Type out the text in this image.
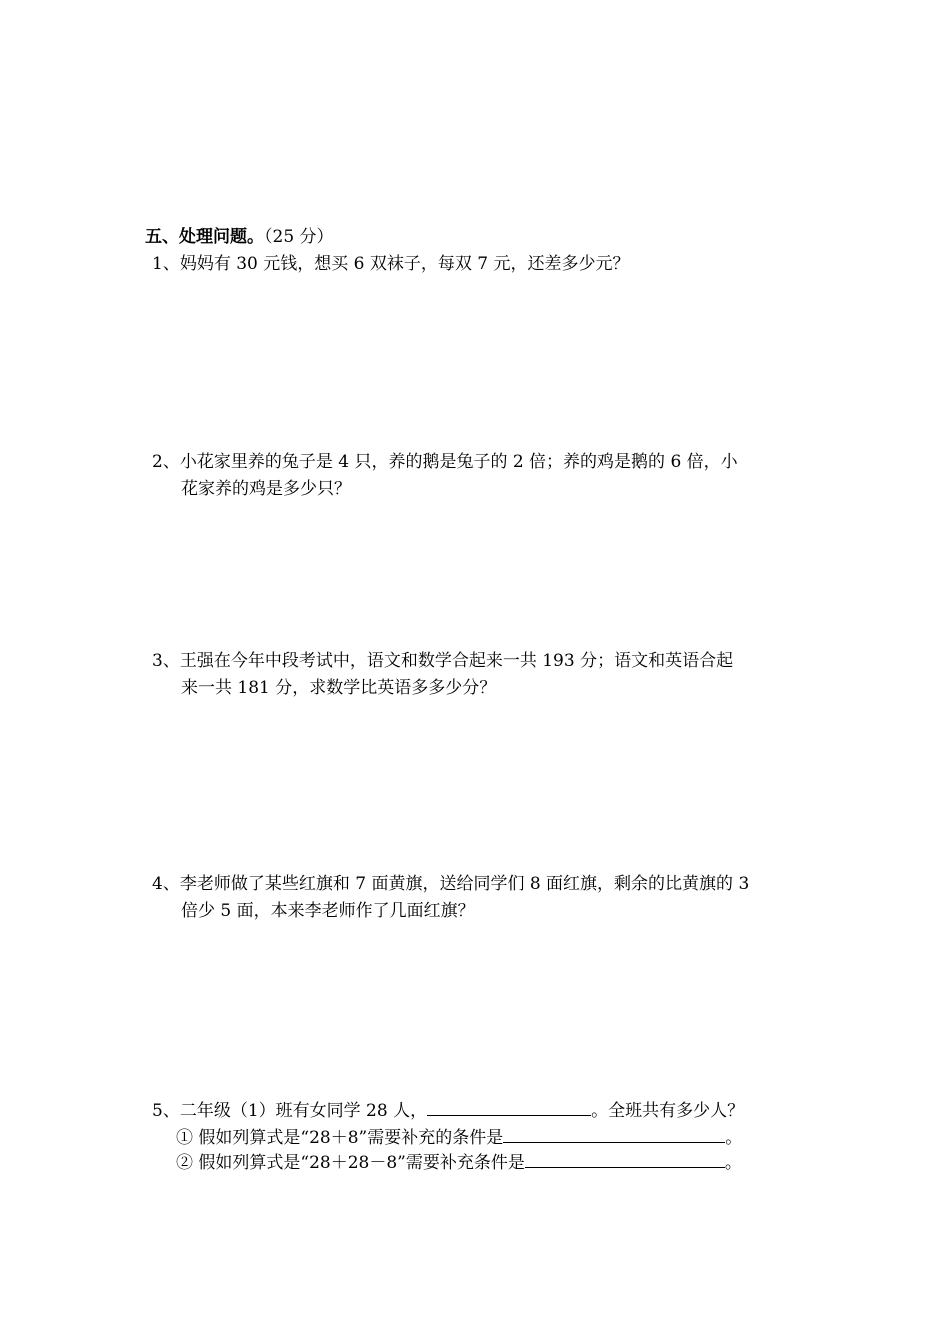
五、处理问题。（25 分）
1、妈妈有 30 元钱，想买 6 双袜子，每双 7 元，还差多少元？
2、小花家里养的兔子是 4 只，养的鹅是兔子的 2 倍；养的鸡是鹅的 6 倍，小
花家养的鸡是多少只？
3、王强在今年中段考试中，语文和数学合起来一共 193 分；语文和英语合起
来一共 181 分，求数学比英语多多少分？
4、李老师做了某些红旗和 7 面黄旗，送给同学们 8 面红旗，剩余的比黄旗的 3
倍少 5 面，本来李老师作了几面红旗？
5、二年级（1）班有女同学 28 人，	。全班共有多少人？
① 假如列算式是“28＋8”需要补充的条件是	。
② 假如列算式是“28＋28－8”需要补充条件是	。
